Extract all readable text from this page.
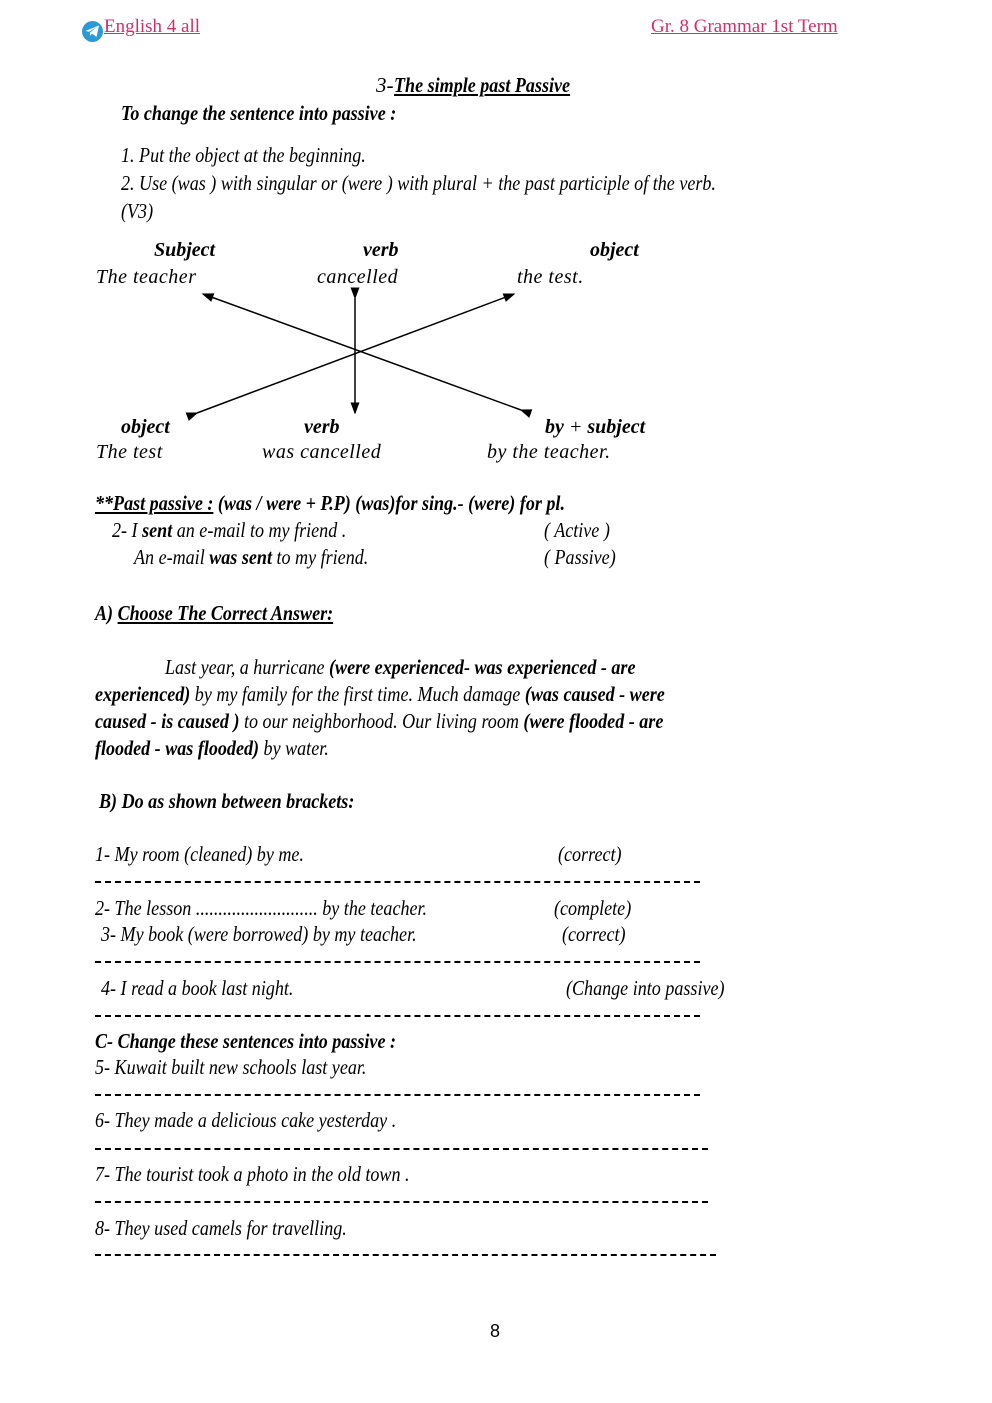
English 4 all	Gr. 8 Grammar 1st Term
3-The simple past Passive
To change the sentence into passive :
1. Put the object at the beginning.
2. Use (was ) with singular or (were ) with plural + the past participle of the verb.
(V3)
Subject	verb	object
The teacher	cancelled	the test.
object	verb	by + subject
The test	was cancelled	by the teacher.
**Past passive : (was / were + P.P) (was)for sing.- (were) for pl.
2- I sent an e-mail to my friend .	( Active )
An e-mail was sent to my friend.	( Passive)
A) Choose The Correct Answer:
Last year, a hurricane (were experienced- was experienced - are
experienced) by my family for the first time. Much damage (was caused - were
caused - is caused ) to our neighborhood. Our living room (were flooded - are
flooded - was flooded) by water.
B) Do as shown between brackets:
1- My room (cleaned) by me.	(correct)
2- The lesson ........................... by the teacher.	(complete)
3- My book (were borrowed) by my teacher.	(correct)
4- I read a book last night.	(Change into passive)
C- Change these sentences into passive :
5- Kuwait built new schools last year.
6- They made a delicious cake yesterday .
7- The tourist took a photo in the old town .
8- They used camels for travelling.
8
